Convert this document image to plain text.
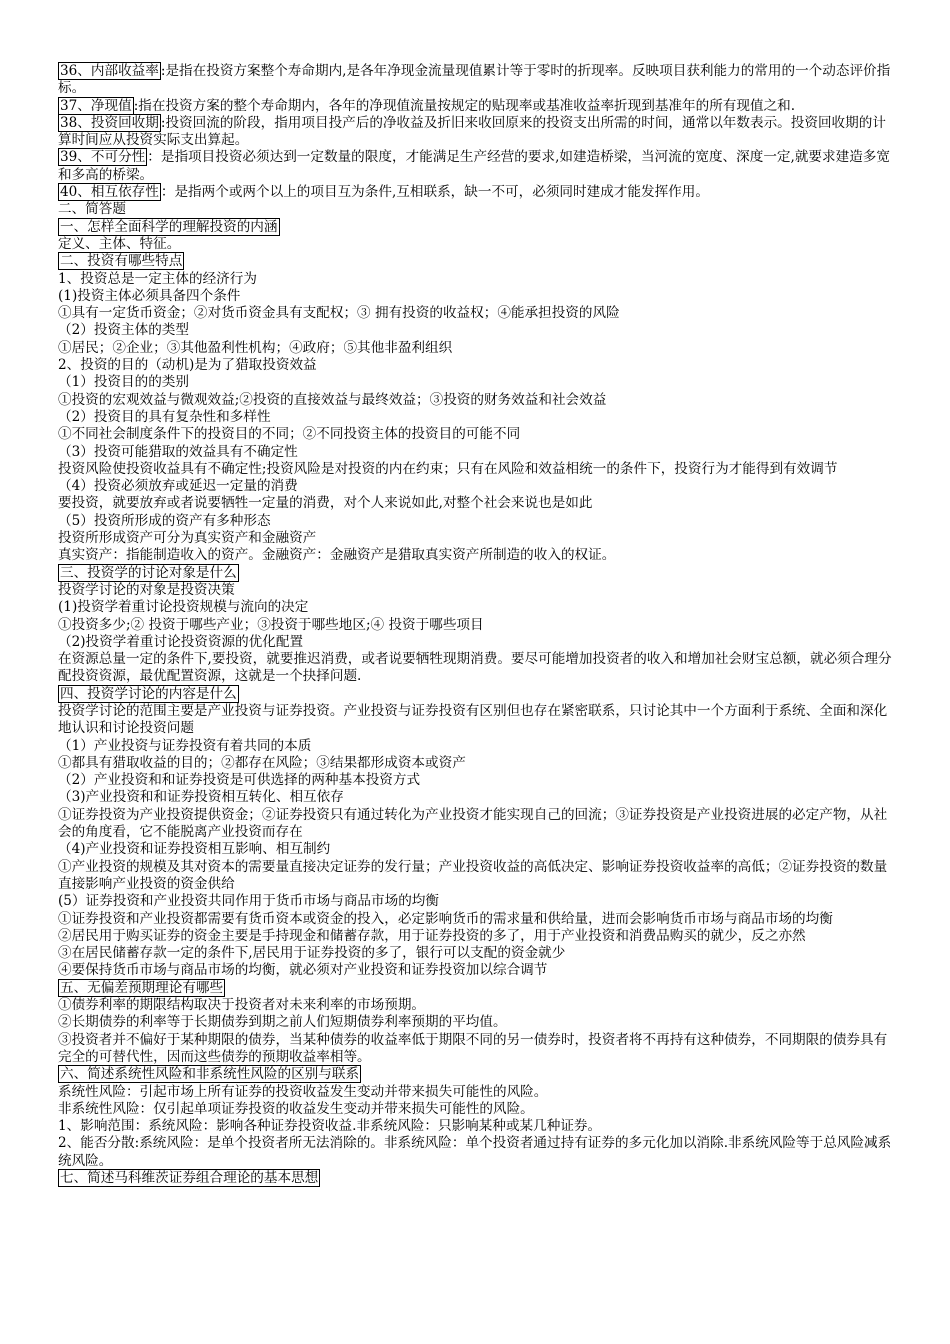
36、内部收益率 :是指在投资方案整个寿命期内,是各年净现金流量现值累计等于零时的折现率。反映项目获利能力的常用的一个动态评价指标。
37、净现值 :指在投资方案的整个寿命期内，各年的净现值流量按规定的贴现率或基准收益率折现到基准年的所有现值之和.
38、投资回收期 :投资回流的阶段，指用项目投产后的净收益及折旧来收回原来的投资支出所需的时间，通常以年数表示。投资回收期的计算时间应从投资实际支出算起。
39、不可分性 ：是指项目投资必须达到一定数量的限度，才能满足生产经营的要求,如建造桥梁，当河流的宽度、深度一定,就要求建造多宽和多高的桥梁。
40、相互依存性 ：是指两个或两个以上的项目互为条件,互相联系，缺一不可，必须同时建成才能发挥作用。
二、简答题
一、怎样全面科学的理解投资的内涵
定义、主体、特征。
二、投资有哪些特点
1、投资总是一定主体的经济行为
(1)投资主体必须具备四个条件
①具有一定货币资金；②对货币资金具有支配权；③ 拥有投资的收益权；④能承担投资的风险
（2）投资主体的类型
①居民；②企业；③其他盈利性机构；④政府；⑤其他非盈利组织
2、投资的目的（动机)是为了猎取投资效益
（1）投资目的的类别
①投资的宏观效益与微观效益;②投资的直接效益与最终效益；③投资的财务效益和社会效益
（2）投资目的具有复杂性和多样性
①不同社会制度条件下的投资目的不同；②不同投资主体的投资目的可能不同
（3）投资可能猎取的效益具有不确定性
投资风险使投资收益具有不确定性;投资风险是对投资的内在约束；只有在风险和效益相统一的条件下，投资行为才能得到有效调节
（4）投资必须放弃或延迟一定量的消费
要投资，就要放弃或者说要牺牲一定量的消费，对个人来说如此,对整个社会来说也是如此
（5）投资所形成的资产有多种形态
投资所形成资产可分为真实资产和金融资产
真实资产：指能制造收入的资产。金融资产：金融资产是猎取真实资产所制造的收入的权证。
三、投资学的讨论对象是什么
投资学讨论的对象是投资决策
(1)投资学着重讨论投资规模与流向的决定
①投资多少;② 投资于哪些产业；③投资于哪些地区;④ 投资于哪些项目
（2)投资学着重讨论投资资源的优化配置
在资源总量一定的条件下,要投资，就要推迟消费，或者说要牺牲现期消费。要尽可能增加投资者的收入和增加社会财宝总额，就必须合理分配投资资源，最优配置资源，这就是一个抉择问题.
四、投资学讨论的内容是什么
投资学讨论的范围主要是产业投资与证券投资。产业投资与证券投资有区别但也存在紧密联系，只讨论其中一个方面利于系统、全面和深化地认识和讨论投资问题
（1）产业投资与证券投资有着共同的本质
①都具有猎取收益的目的；②都存在风险；③结果都形成资本或资产
（2）产业投资和和证券投资是可供选择的两种基本投资方式
（3)产业投资和和证券投资相互转化、相互依存
①证券投资为产业投资提供资金；②证券投资只有通过转化为产业投资才能实现自己的回流；③证券投资是产业投资进展的必定产物，从社会的角度看，它不能脱离产业投资而存在
（4)产业投资和证券投资相互影响、相互制约
①产业投资的规模及其对资本的需要量直接决定证券的发行量；产业投资收益的高低决定、影响证券投资收益率的高低；②证券投资的数量直接影响产业投资的资金供给
(5）证券投资和产业投资共同作用于货币市场与商品市场的均衡
①证券投资和产业投资都需要有货币资本或资金的投入，必定影响货币的需求量和供给量，进而会影响货币市场与商品市场的均衡
②居民用于购买证券的资金主要是手持现金和储蓄存款，用于证券投资的多了，用于产业投资和消费品购买的就少，反之亦然
③在居民储蓄存款一定的条件下,居民用于证券投资的多了，银行可以支配的资金就少
④要保持货币市场与商品市场的均衡，就必须对产业投资和证券投资加以综合调节
五、无偏差预期理论有哪些
①债券利率的期限结构取决于投资者对未来利率的市场预期。
②长期债券的利率等于长期债券到期之前人们短期债券利率预期的平均值。
③投资者并不偏好于某种期限的债券，当某种债券的收益率低于期限不同的另一债券时，投资者将不再持有这种债券，不同期限的债券具有完全的可替代性，因而这些债券的预期收益率相等。
六、简述系统性风险和非系统性风险的区别与联系
系统性风险：引起市场上所有证券的投资收益发生变动并带来损失可能性的风险。
非系统性风险：仅引起单项证券投资的收益发生变动并带来损失可能性的风险。
1、影响范围：系统风险：影响各种证券投资收益.非系统风险：只影响某种或某几种证券。
2、能否分散:系统风险：是单个投资者所无法消除的。非系统风险：单个投资者通过持有证券的多元化加以消除.非系统风险等于总风险减系统风险。
七、简述马科维茨证券组合理论的基本思想
